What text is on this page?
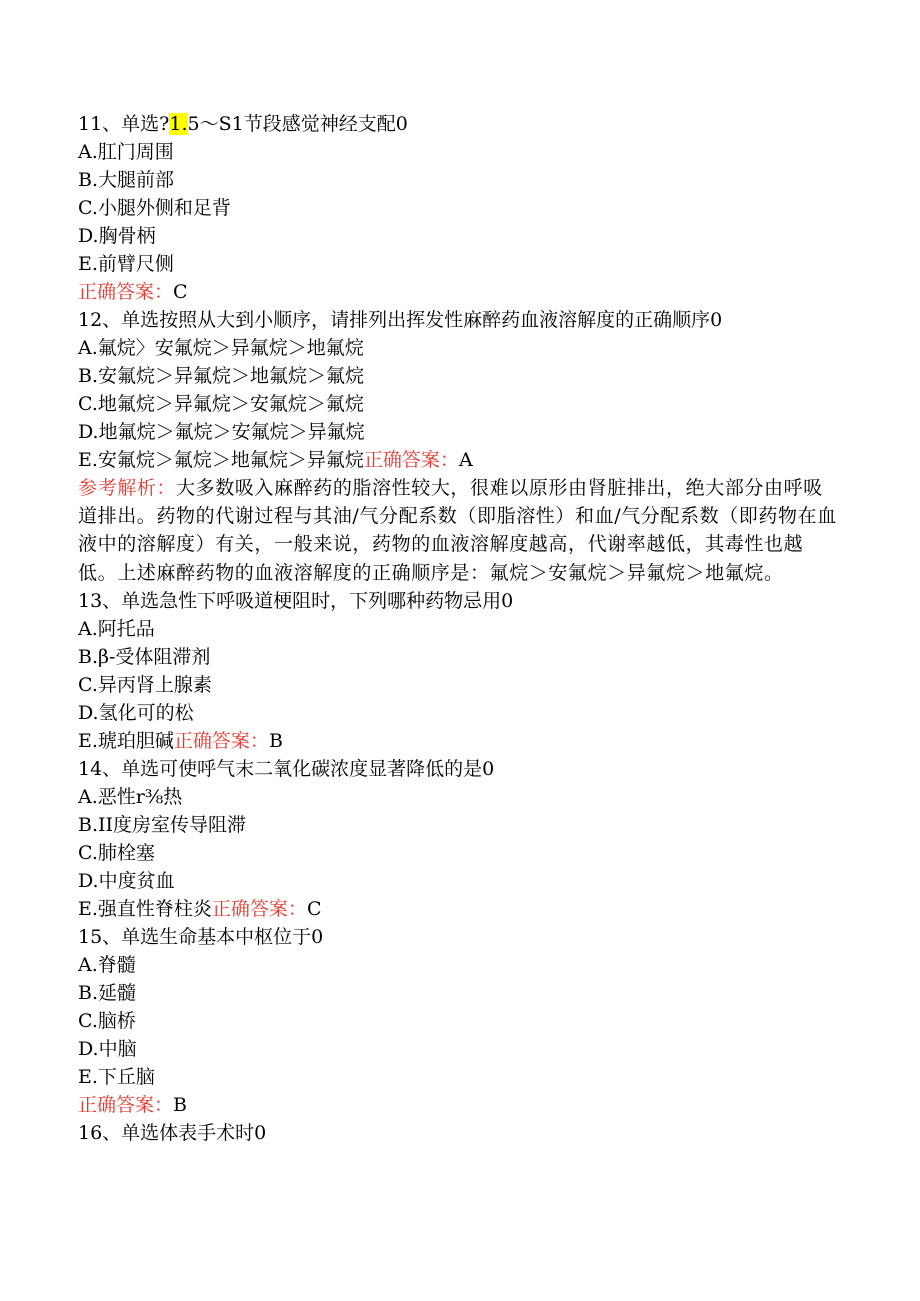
11、单选?1.5～S1节段感觉神经支配0
A.肛门周围
B.大腿前部
C.小腿外侧和足背
D.胸骨柄
E.前臂尺侧
正确答案：C
12、单选按照从大到小顺序，请排列出挥发性麻醉药血液溶解度的正确顺序0
A.氟烷〉安氟烷＞异氟烷＞地氟烷
B.安氟烷＞异氟烷＞地氟烷＞氟烷
C.地氟烷＞异氟烷＞安氟烷＞氟烷
D.地氟烷＞氟烷＞安氟烷＞异氟烷
E.安氟烷＞氟烷＞地氟烷＞异氟烷正确答案：A
参考解析：大多数吸入麻醉药的脂溶性较大，很难以原形由肾脏排出，绝大部分由呼吸道排出。药物的代谢过程与其油/气分配系数（即脂溶性）和血/气分配系数（即药物在血液中的溶解度）有关，一般来说，药物的血液溶解度越高，代谢率越低，其毒性也越低。上述麻醉药物的血液溶解度的正确顺序是：氟烷＞安氟烷＞异氟烷＞地氟烷。
13、单选急性下呼吸道梗阻时，下列哪种药物忌用0
A.阿托品
B.β-受体阻滞剂
C.异丙肾上腺素
D.氢化可的松
E.琥珀胆碱正确答案：B
14、单选可使呼气末二氧化碳浓度显著降低的是0
A.恶性r⅜热
B.II度房室传导阻滞
C.肺栓塞
D.中度贫血
E.强直性脊柱炎正确答案：C
15、单选生命基本中枢位于0
A.脊髓
B.延髓
C.脑桥
D.中脑
E.下丘脑
正确答案：B
16、单选体表手术时0
